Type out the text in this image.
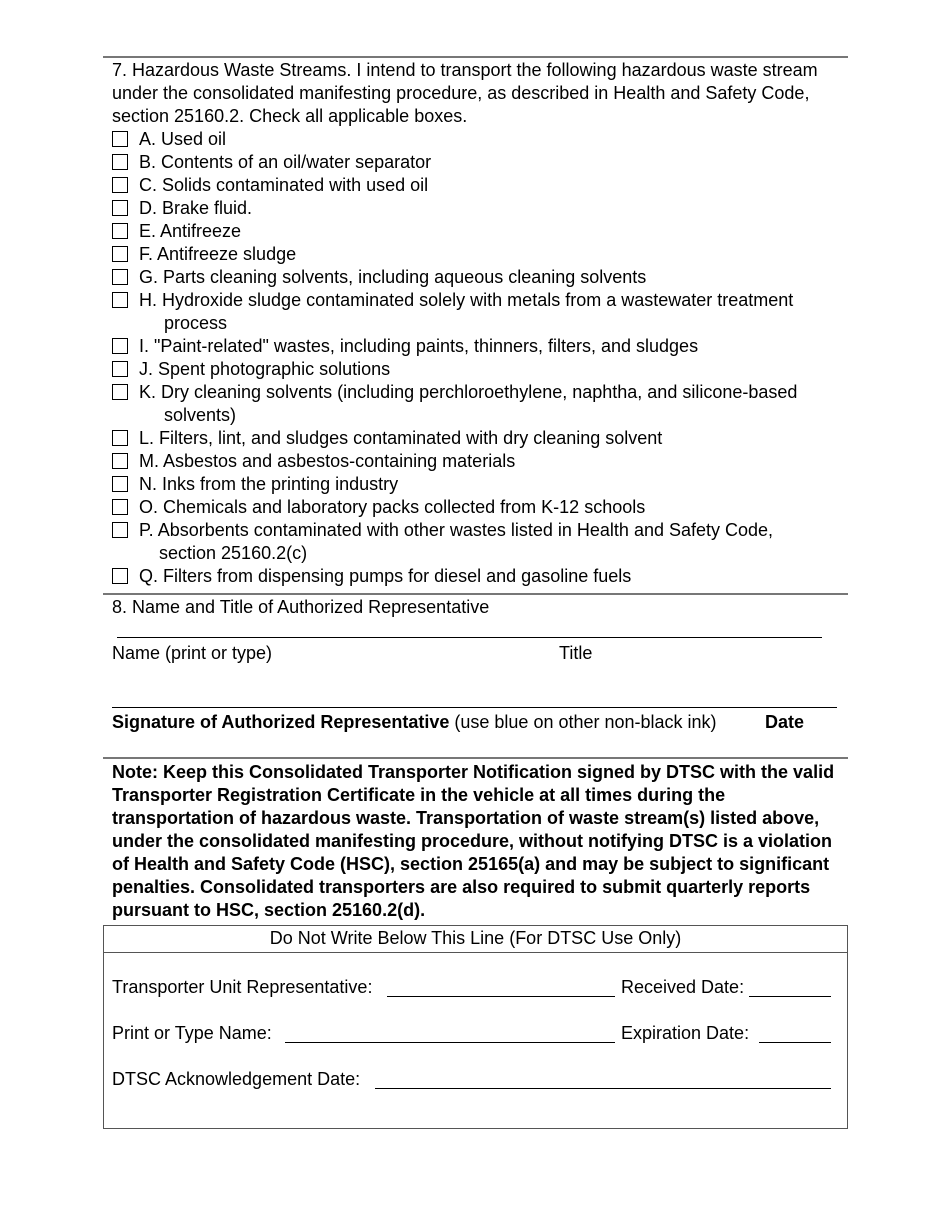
7. Hazardous Waste Streams. I intend to transport the following hazardous waste stream under the consolidated manifesting procedure, as described in Health and Safety Code, section 25160.2. Check all applicable boxes.
A. Used oil
B. Contents of an oil/water separator
C. Solids contaminated with used oil
D. Brake fluid.
E. Antifreeze
F. Antifreeze sludge
G. Parts cleaning solvents, including aqueous cleaning solvents
H. Hydroxide sludge contaminated solely with metals from a wastewater treatment
process
I. "Paint-related" wastes, including paints, thinners, filters, and sludges
J. Spent photographic solutions
K. Dry cleaning solvents (including perchloroethylene, naphtha, and silicone-based
solvents)
L. Filters, lint, and sludges contaminated with dry cleaning solvent
M. Asbestos and asbestos-containing materials
N. Inks from the printing industry
O. Chemicals and laboratory packs collected from K-12 schools
P. Absorbents contaminated with other wastes listed in Health and Safety Code,
section 25160.2(c)
Q. Filters from dispensing pumps for diesel and gasoline fuels
8. Name and Title of Authorized Representative
Name (print or type)	Title
Signature of Authorized Representative (use blue on other non-black ink)	Date
Note: Keep this Consolidated Transporter Notification signed by DTSC with the valid Transporter Registration Certificate in the vehicle at all times during the transportation of hazardous waste. Transportation of waste stream(s) listed above, under the consolidated manifesting procedure, without notifying DTSC is a violation of Health and Safety Code (HSC), section 25165(a) and may be subject to significant penalties. Consolidated transporters are also required to submit quarterly reports pursuant to HSC, section 25160.2(d).
Do Not Write Below This Line (For DTSC Use Only)
Transporter Unit Representative:	Received Date:
Print or Type Name:	Expiration Date:
DTSC Acknowledgement Date:
